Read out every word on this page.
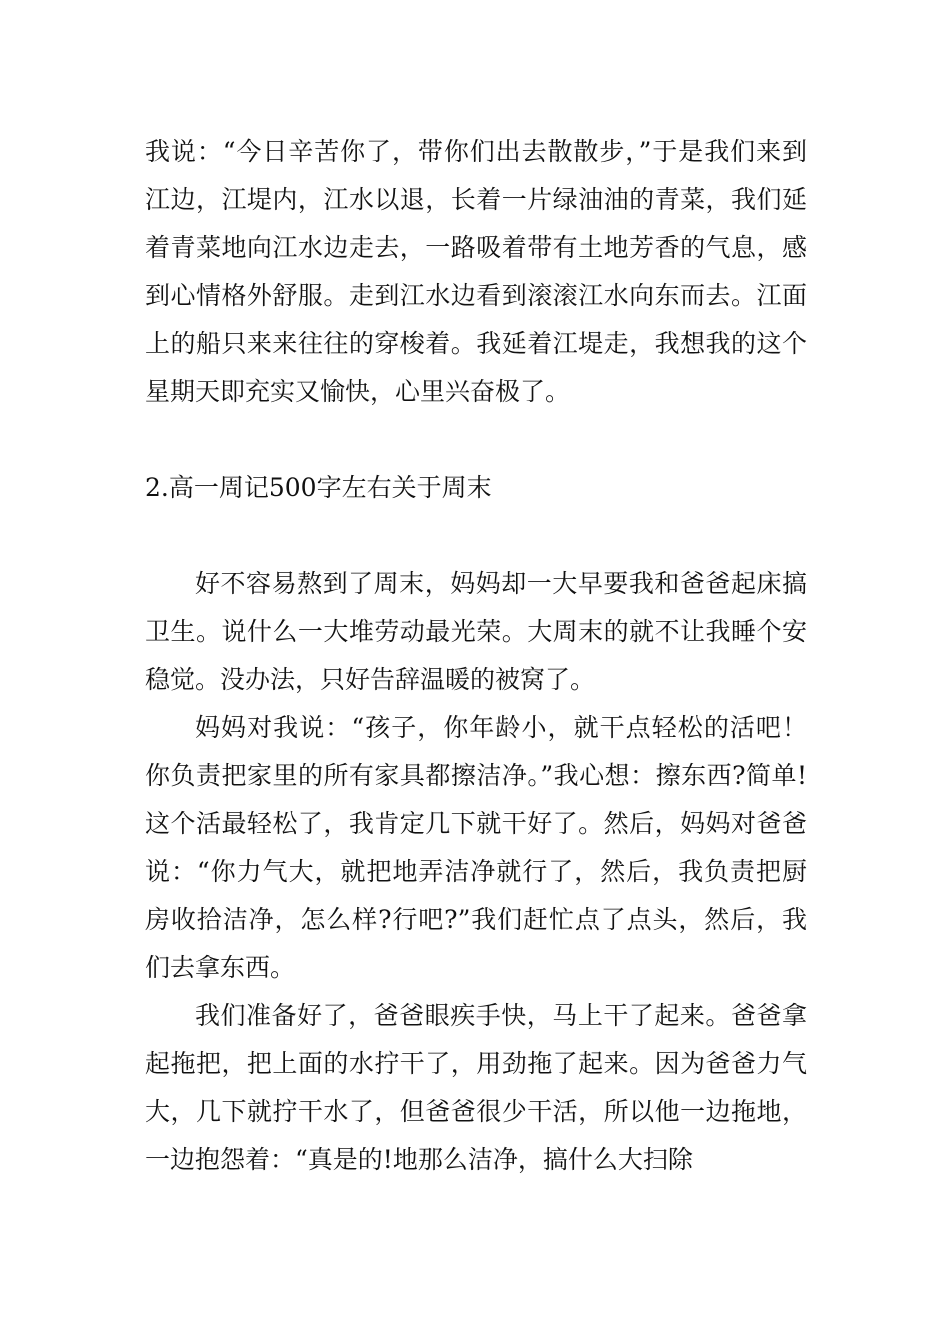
我说：“今日辛苦你了，带你们出去散散步，”于是我们来到江边，江堤内，江水以退，长着一片绿油油的青菜，我们延着青菜地向江水边走去，一路吸着带有土地芳香的气息，感到心情格外舒服。走到江水边看到滚滚江水向东而去。江面上的船只来来往往的穿梭着。我延着江堤走，我想我的这个星期天即充实又愉快，心里兴奋极了。

2.高一周记500字左右关于周末

好不容易熬到了周末，妈妈却一大早要我和爸爸起床搞卫生。说什么一大堆劳动最光荣。大周末的就不让我睡个安稳觉。没办法，只好告辞温暖的被窝了。

妈妈对我说：“孩子，你年龄小，就干点轻松的活吧！你负责把家里的所有家具都擦洁净。”我心想：擦东西?简单!这个活最轻松了，我肯定几下就干好了。然后，妈妈对爸爸说：“你力气大，就把地弄洁净就行了，然后，我负责把厨房收拾洁净，怎么样?行吧?”我们赶忙点了点头，然后，我们去拿东西。

我们准备好了，爸爸眼疾手快，马上干了起来。爸爸拿起拖把，把上面的水拧干了，用劲拖了起来。因为爸爸力气大，几下就拧干水了，但爸爸很少干活，所以他一边拖地，一边抱怨着：“真是的!地那么洁净，搞什么大扫除
